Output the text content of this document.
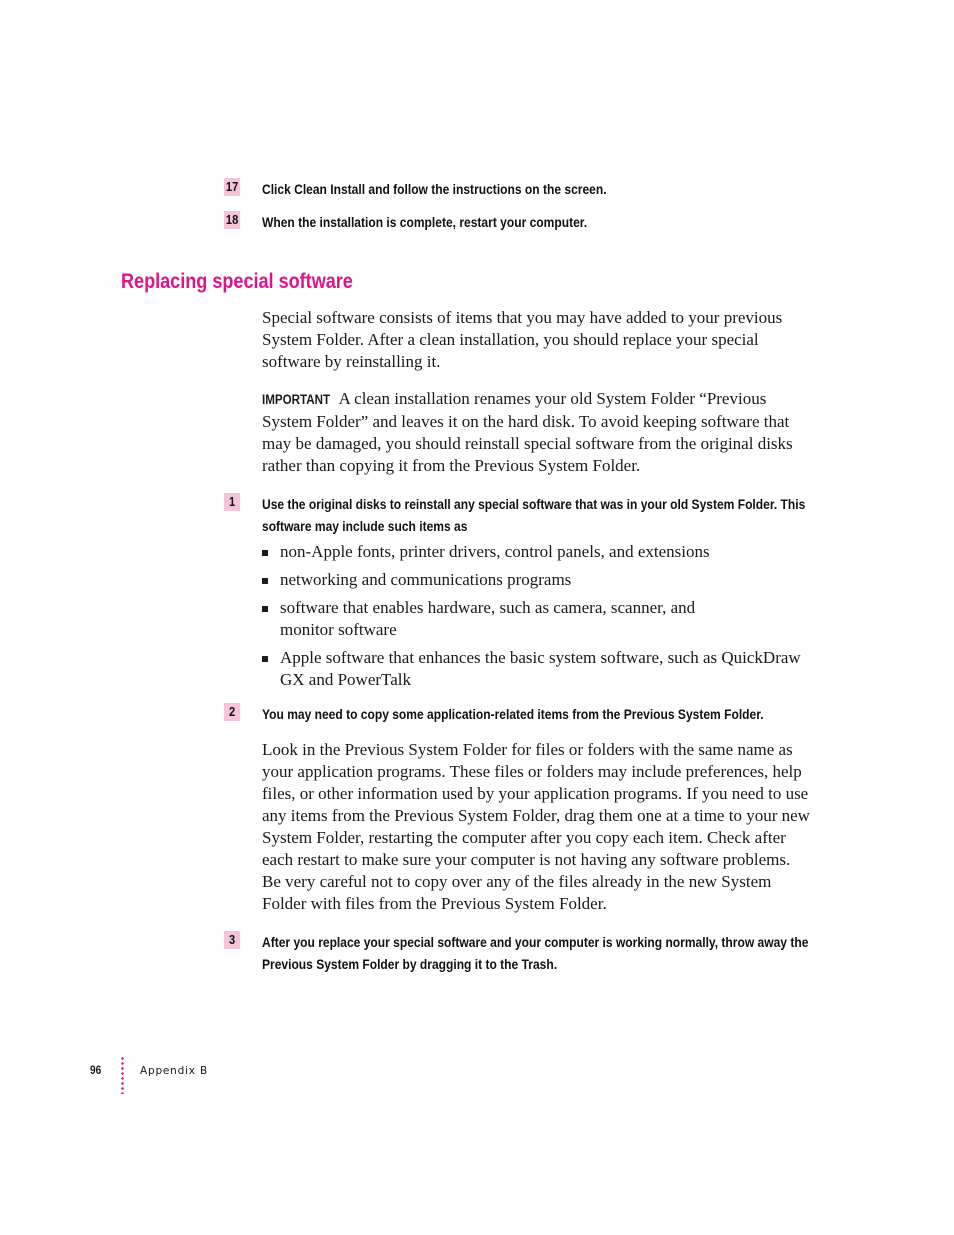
17 Click Clean Install and follow the instructions on the screen.
18 When the installation is complete, restart your computer.
Replacing special software

Special software consists of items that you may have added to your previous System Folder. After a clean installation, you should replace your special software by reinstalling it.

IMPORTANT A clean installation renames your old System Folder “Previous System Folder” and leaves it on the hard disk. To avoid keeping software that may be damaged, you should reinstall special software from the original disks rather than copying it from the Previous System Folder.

1	Use the original disks to reinstall any special software that was in your old System Folder. This software may include such items as
non-Apple fonts, printer drivers, control panels, and extensions
networking and communications programs
software that enables hardware, such as camera, scanner, and monitor software
Apple software that enhances the basic system software, such as QuickDraw GX and PowerTalk
2	You may need to copy some application-related items from the Previous System Folder.

Look in the Previous System Folder for files or folders with the same name as your application programs. These files or folders may include preferences, help files, or other information used by your application programs. If you need to use any items from the Previous System Folder, drag them one at a time to your new System Folder, restarting the computer after you copy each item. Check after each restart to make sure your computer is not having any software problems. Be very careful not to copy over any of the files already in the new System Folder with files from the Previous System Folder.

3	After you replace your special software and your computer is working normally, throw away the Previous System Folder by dragging it to the Trash.
96	Appendix B
